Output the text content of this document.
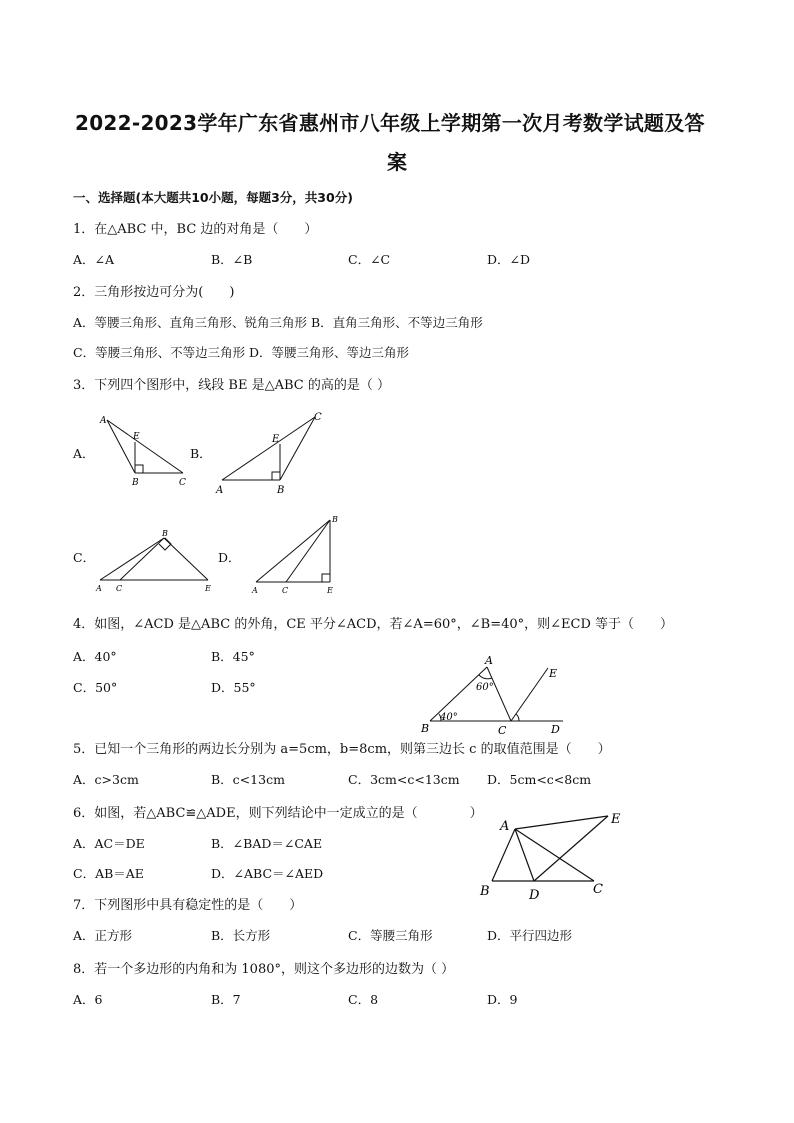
2022-2023学年广东省惠州市八年级上学期第一次月考数学试题及答
案
一、选择题(本大题共10小题，每题3分，共30分)
1．在△ABC 中，BC 边的对角是（　　）
A．∠A	B．∠B	C．∠C	D．∠D
2．三角形按边可分为(　　)
A．等腰三角形、直角三角形、锐角三角形 B．直角三角形、不等边三角形
C．等腰三角形、不等边三角形 D．等腰三角形、等边三角形
3．下列四个图形中，线段 BE 是△ABC 的高的是（ ）
A．
A
E
B	C
B．
C
E
A	B
C．
B
A C	E
D．
B
A	C	E
4．如图，∠ACD 是△ABC 的外角，CE 平分∠ACD，若∠A=60°，∠B=40°，则∠ECD 等于（　　）
A．40°	B．45°
C．50°	D．55°
A
60°
B
40°
C	D
E
5．已知一个三角形的两边长分别为 a=5cm，b=8cm，则第三边长 c 的取值范围是（　　）
A．c>3cm	B．c<13cm	C．3cm<c<13cm D．5cm<c<8cm
6．如图，若△ABC≌△ADE，则下列结论中一定成立的是（　　　　）
A．AC＝DE	B．∠BAD＝∠CAE
C．AB＝AE	D．∠ABC＝∠AED
A	E
B	D	C
7．下列图形中具有稳定性的是（　　）
A．正方形	B．长方形	C．等腰三角形	D．平行四边形
8．若一个多边形的内角和为 1080°，则这个多边形的边数为（ ）
A．6	B．7	C．8	D．9
